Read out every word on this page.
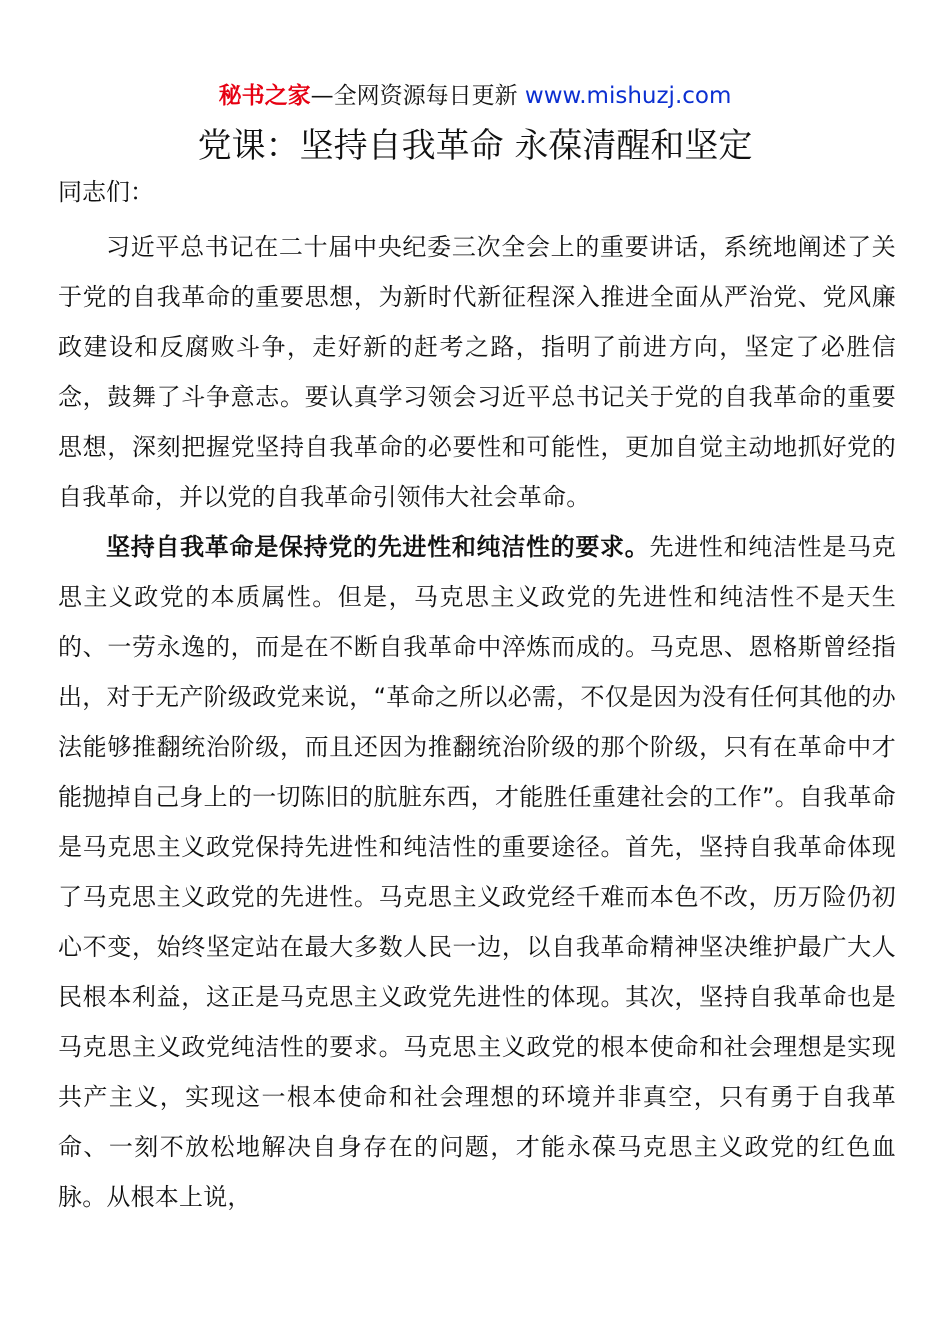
秘书之家—全网资源每日更新 www.mishuzj.com
党课：坚持自我革命 永葆清醒和坚定

同志们：

习近平总书记在二十届中央纪委三次全会上的重要讲话，系统地阐述了关于党的自我革命的重要思想，为新时代新征程深入推进全面从严治党、党风廉政建设和反腐败斗争，走好新的赶考之路，指明了前进方向，坚定了必胜信念，鼓舞了斗争意志。要认真学习领会习近平总书记关于党的自我革命的重要思想，深刻把握党坚持自我革命的必要性和可能性，更加自觉主动地抓好党的自我革命，并以党的自我革命引领伟大社会革命。

坚持自我革命是保持党的先进性和纯洁性的要求。先进性和纯洁性是马克思主义政党的本质属性。但是，马克思主义政党的先进性和纯洁性不是天生的、一劳永逸的，而是在不断自我革命中淬炼而成的。马克思、恩格斯曾经指出，对于无产阶级政党来说，“革命之所以必需，不仅是因为没有任何其他的办法能够推翻统治阶级，而且还因为推翻统治阶级的那个阶级，只有在革命中才能抛掉自己身上的一切陈旧的肮脏东西，才能胜任重建社会的工作”。自我革命是马克思主义政党保持先进性和纯洁性的重要途径。首先，坚持自我革命体现了马克思主义政党的先进性。马克思主义政党经千难而本色不改，历万险仍初心不变，始终坚定站在最大多数人民一边，以自我革命精神坚决维护最广大人民根本利益，这正是马克思主义政党先进性的体现。其次，坚持自我革命也是马克思主义政党纯洁性的要求。马克思主义政党的根本使命和社会理想是实现共产主义，实现这一根本使命和社会理想的环境并非真空，只有勇于自我革命、一刻不放松地解决自身存在的问题，才能永葆马克思主义政党的红色血脉。从根本上说，
